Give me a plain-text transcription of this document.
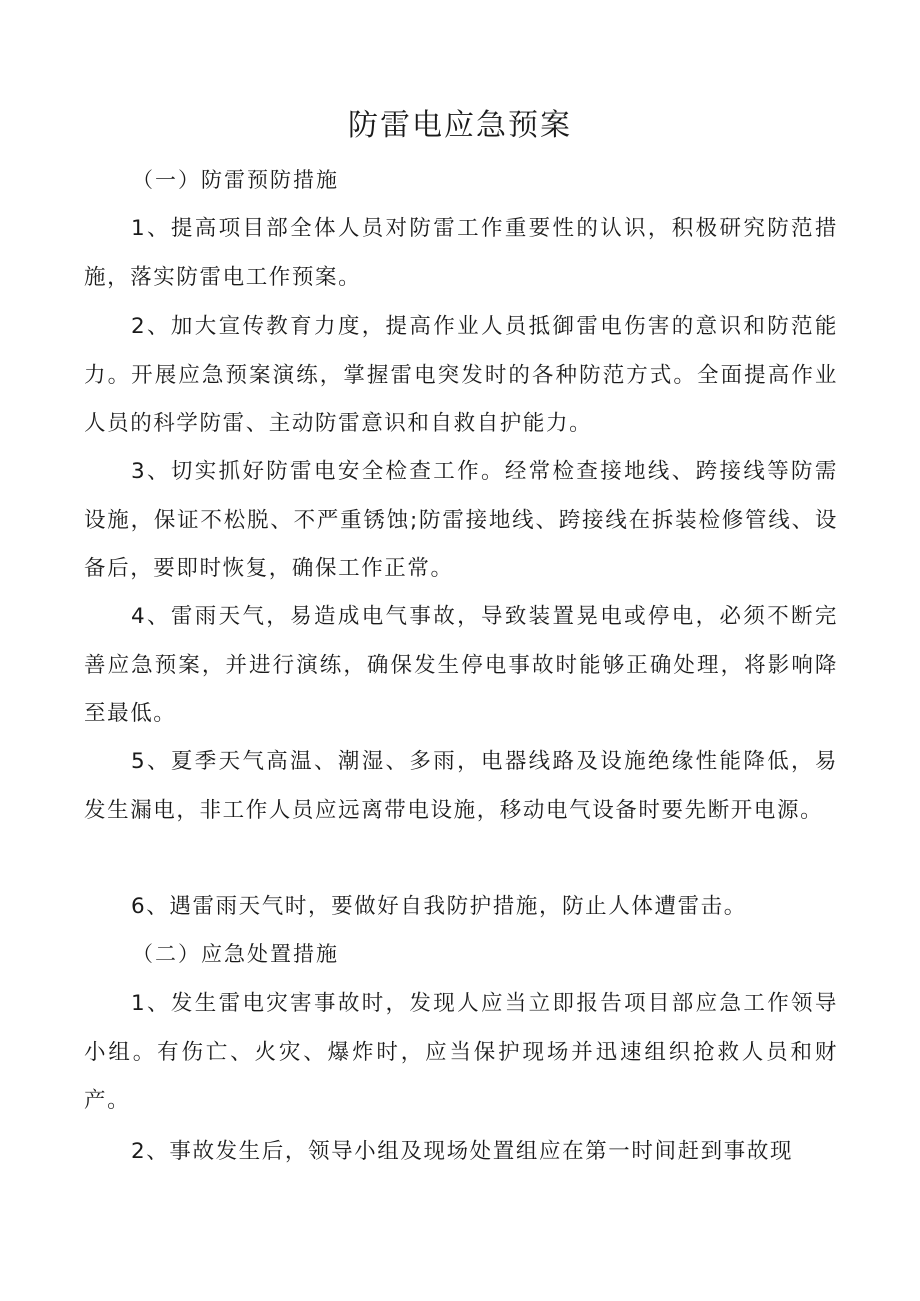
防雷电应急预案
（一）防雷预防措施

1、提高项目部全体人员对防雷工作重要性的认识，积极研究防范措施，落实防雷电工作预案。

2、加大宣传教育力度，提高作业人员抵御雷电伤害的意识和防范能力。开展应急预案演练，掌握雷电突发时的各种防范方式。全面提高作业人员的科学防雷、主动防雷意识和自救自护能力。

3、切实抓好防雷电安全检查工作。经常检查接地线、跨接线等防需设施，保证不松脱、不严重锈蚀;防雷接地线、跨接线在拆装检修管线、设备后，要即时恢复，确保工作正常。

4、雷雨天气，易造成电气事故，导致装置晃电或停电，必须不断完善应急预案，并进行演练，确保发生停电事故时能够正确处理，将影响降至最低。

5、夏季天气高温、潮湿、多雨，电器线路及设施绝缘性能降低，易发生漏电，非工作人员应远离带电设施，移动电气设备时要先断开电源。

6、遇雷雨天气时，要做好自我防护措施，防止人体遭雷击。

（二）应急处置措施

1、发生雷电灾害事故时，发现人应当立即报告项目部应急工作领导小组。有伤亡、火灾、爆炸时，应当保护现场并迅速组织抢救人员和财产。

2、事故发生后，领导小组及现场处置组应在第一时间赶到事故现
